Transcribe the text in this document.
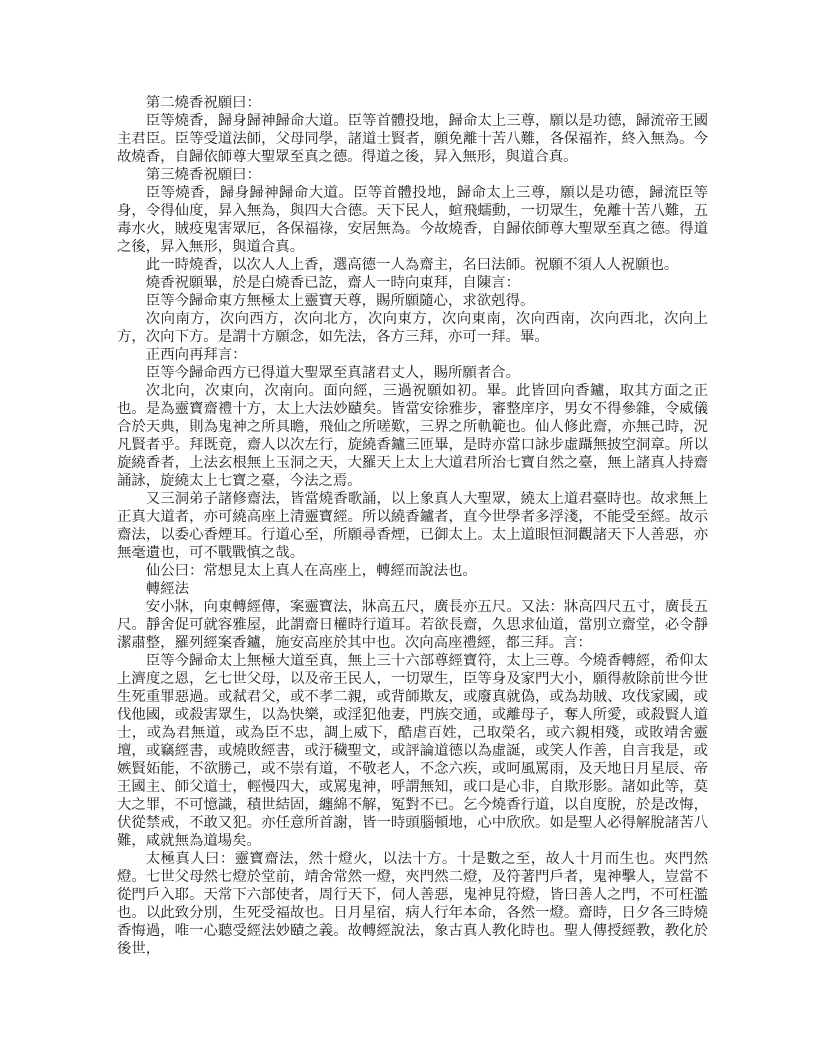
第二燒香祝願曰：

臣等燒香，歸身歸神歸命大道。臣等首體投地，歸命太上三尊，願以是功德，歸流帝王國主君臣。臣等受道法師，父母同學，諸道士賢者，願免離十苦八難，各保福祚，終入無為。今故燒香，自歸依師尊大聖眾至真之德。得道之後，昇入無形，與道合真。

第三燒香祝願曰：

臣等燒香，歸身歸神歸命大道。臣等首體投地，歸命太上三尊，願以是功德，歸流臣等身，令得仙度，昇入無為，與四大合德。天下民人，蝖飛蠕動，一切眾生，免離十苦八難，五毒水火，賊疫鬼害眾厄，各保福祿，安居無為。今故燒香，自歸依師尊大聖眾至真之德。得道之後，昇入無形，與道合真。

此一時燒香，以次人人上香，選高德一人為齋主，名曰法師。祝願不須人人祝願也。

燒香祝願畢，於是白燒香已訖，齋人一時向東拜，自陳言：

臣等今歸命東方無極太上靈寶天尊，賜所願隨心，求欲剋得。

次向南方，次向西方，次向北方，次向東方，次向東南，次向西南，次向西北，次向上方，次向下方。是謂十方願念，如先法，各方三拜，亦可一拜。畢。

正西向再拜言：

臣等今歸命西方已得道大聖眾至真諸君丈人，賜所願者合。

次北向，次東向，次南向。面向經，三過祝願如初。畢。此皆回向香鑪，取其方面之正也。是為靈寶齋禮十方，太上大法妙賾矣。皆當安徐雅步，審整庠序，男女不得參雜，令威儀合於天典，則為鬼神之所具瞻，飛仙之所嗟歎，三界之所軌範也。仙人修此齋，亦無己時，況凡賢者乎。拜既竟，齋人以次左行，旋繞香鑪三匝畢，是時亦當口詠步虛躡無披空洞章。所以旋繞香者，上法玄根無上玉洞之天，大羅天上太上大道君所治七寶自然之臺，無上諸真人持齋誦詠，旋繞太上七寶之臺，今法之焉。

又三洞弟子諸修齋法，皆當燒香歌誦，以上象真人大聖眾，繞太上道君臺時也。故求無上正真大道者，亦可繞高座上清靈寶經。所以繞香鑪者，直今世學者多浮淺，不能受至經。故示齋法，以委心香煙耳。行道心至，所願尋香煙，已御太上。太上道眼恒洞觀諸天下人善惡，亦無毫遺也，可不戰戰慎之哉。

仙公曰：常想見太上真人在高座上，轉經而說法也。

轉經法

安小牀，向東轉經傳，案靈寶法，牀高五尺，廣長亦五尺。又法：牀高四尺五寸，廣長五尺。靜舍促可就容雅屋，此謂齋日權時行道耳。若欲長齋，久思求仙道，當別立齋堂，必令靜潔肅整，羅列經案香鑪，施安高座於其中也。次向高座禮經，都三拜。言：

臣等今歸命太上無極大道至真，無上三十六部尊經寶符，太上三尊。今燒香轉經，希仰太上濟度之恩，乞七世父母，以及帝王民人，一切眾生，臣等身及家門大小，願得赦除前世今世生死重罪惡過。或弒君父，或不孝二親，或背師欺友，或廢真就偽，或為劫賊、攻伐家國，或伐他國，或殺害眾生，以為快樂，或淫犯他妻，門族交通，或離母子，奪人所愛，或殺賢人道士，或為君無道，或為臣不忠，調上威下，酷虐百姓，己取榮名，或六親相殘，或敗靖舍靈壇，或竊經書，或燒敗經書，或汙穢聖文，或評論道德以為虛誕，或笑人作善，自言我是，或嫉賢妬能，不欲勝己，或不崇有道，不敬老人，不念六疾，或呵風罵雨，及天地日月星辰、帝王國主、師父道士，輕慢四大，或罵鬼神，呼謂無知，或口是心非，自欺形影。諸如此等，莫大之罪，不可憶識，積世結固，纏綿不解，冤對不已。乞今燒香行道，以自度脫，於是改悔，伏從禁戒，不敢又犯。亦任意所首謝，皆一時頭腦頓地，心中欣欣。如是聖人必得解脫諸苦八難，咸就無為道場矣。

太極真人曰：靈寶齋法，然十燈火，以法十方。十是數之至，故人十月而生也。夾門然燈。七世父母然七燈於堂前，靖舍常然一燈，夾門然二燈，及符著門戶者，鬼神擊人，豈當不從門戶入耶。天常下六部使者，周行天下，伺人善惡，鬼神見符燈，皆曰善人之門，不可枉濫也。以此致分別，生死受福故也。日月星宿，病人行年本命，各然一燈。齋時，日夕各三時燒香悔過，唯一心聽受經法妙賾之義。故轉經說法，象古真人教化時也。聖人傳授經教，教化於後世，
